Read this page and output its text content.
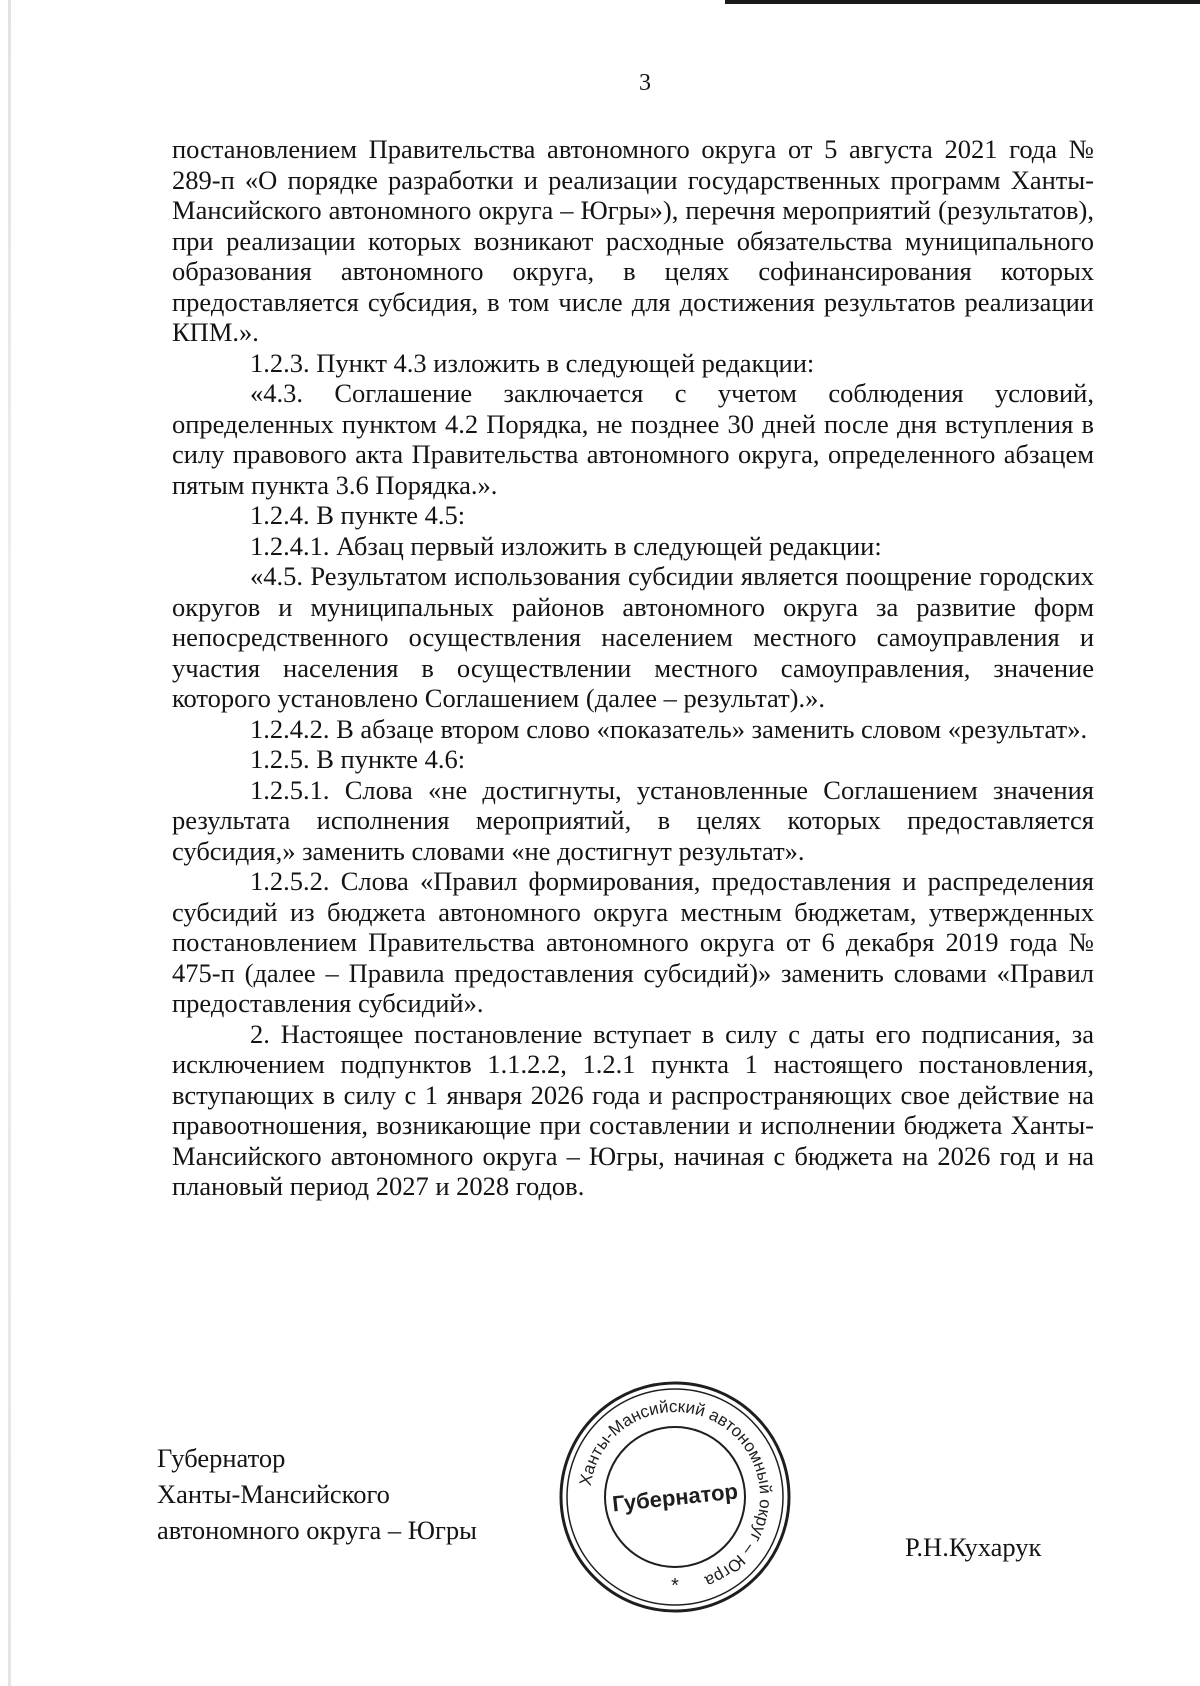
3

постановлением Правительства автономного округа от 5 августа 2021 года № 289-п «О порядке разработки и реализации государственных программ Ханты-Мансийского автономного округа – Югры»), перечня мероприятий (результатов), при реализации которых возникают расходные обязательства муниципального образования автономного округа, в целях софинансирования которых предоставляется субсидия, в том числе для достижения результатов реализации КПМ.».

1.2.3. Пункт 4.3 изложить в следующей редакции:

«4.3. Соглашение заключается с учетом соблюдения условий, определенных пунктом 4.2 Порядка, не позднее 30 дней после дня вступления в силу правового акта Правительства автономного округа, определенного абзацем пятым пункта 3.6 Порядка.».

1.2.4. В пункте 4.5:

1.2.4.1. Абзац первый изложить в следующей редакции:

«4.5. Результатом использования субсидии является поощрение городских округов и муниципальных районов автономного округа за развитие форм непосредственного осуществления населением местного самоуправления и участия населения в осуществлении местного самоуправления, значение которого установлено Соглашением (далее – результат).».

1.2.4.2. В абзаце втором слово «показатель» заменить словом «результат».

1.2.5. В пункте 4.6:

1.2.5.1. Слова «не достигнуты, установленные Соглашением значения результата исполнения мероприятий, в целях которых предоставляется субсидия,» заменить словами «не достигнут результат».

1.2.5.2. Слова «Правил формирования, предоставления и распределения субсидий из бюджета автономного округа местным бюджетам, утвержденных постановлением Правительства автономного округа от 6 декабря 2019 года № 475-п (далее – Правила предоставления субсидий)» заменить словами «Правил предоставления субсидий».

2. Настоящее постановление вступает в силу с даты его подписания, за исключением подпунктов 1.1.2.2, 1.2.1 пункта 1 настоящего постановления, вступающих в силу с 1 января 2026 года и распространяющих свое действие на правоотношения, возникающие при составлении и исполнении бюджета Ханты-Мансийского автономного округа – Югры, начиная с бюджета на 2026 год и на плановый период 2027 и 2028 годов.

Губернатор
Ханты-Мансийского
автономного округа – Югры
Ханты-Мансийский автономный округ – Югра
Губернатор
*
Р.Н.Кухарук
